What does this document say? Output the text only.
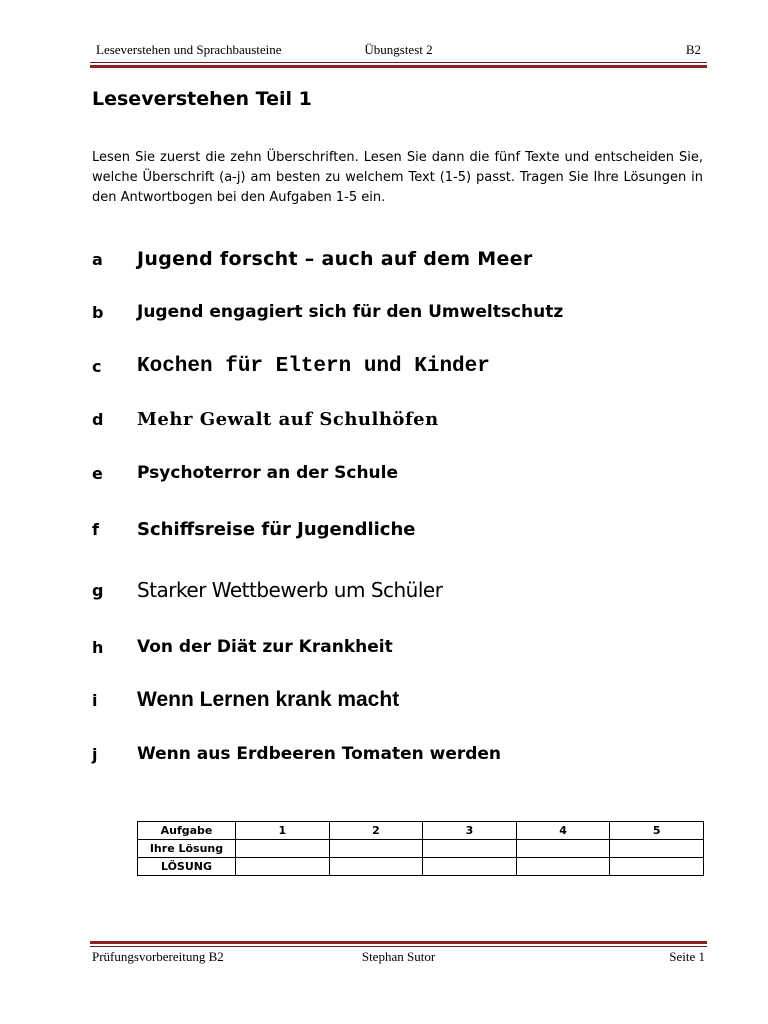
Leseverstehen und Sprachbausteine	Übungstest 2	B2
Leseverstehen Teil 1

Lesen Sie zuerst die zehn Überschriften. Lesen Sie dann die fünf Texte und entscheiden Sie, welche Überschrift (a-j) am besten zu welchem Text (1-5) passt. Tragen Sie Ihre Lösungen in den Antwortbogen bei den Aufgaben 1-5 ein.

a	Jugend forscht – auch auf dem Meer
b	Jugend engagiert sich für den Umweltschutz
c	Kochen für Eltern und Kinder
d	Mehr Gewalt auf Schulhöfen
e	Psychoterror an der Schule
f	Schiffsreise für Jugendliche
g	Starker Wettbewerb um Schüler
h	Von der Diät zur Krankheit
i	Wenn Lernen krank macht
j	Wenn aus Erdbeeren Tomaten werden
Aufgabe	1	2	3	4	5
Ihre Lösung					
LÖSUNG					
Prüfungsvorbereitung B2	Stephan Sutor	Seite 1
